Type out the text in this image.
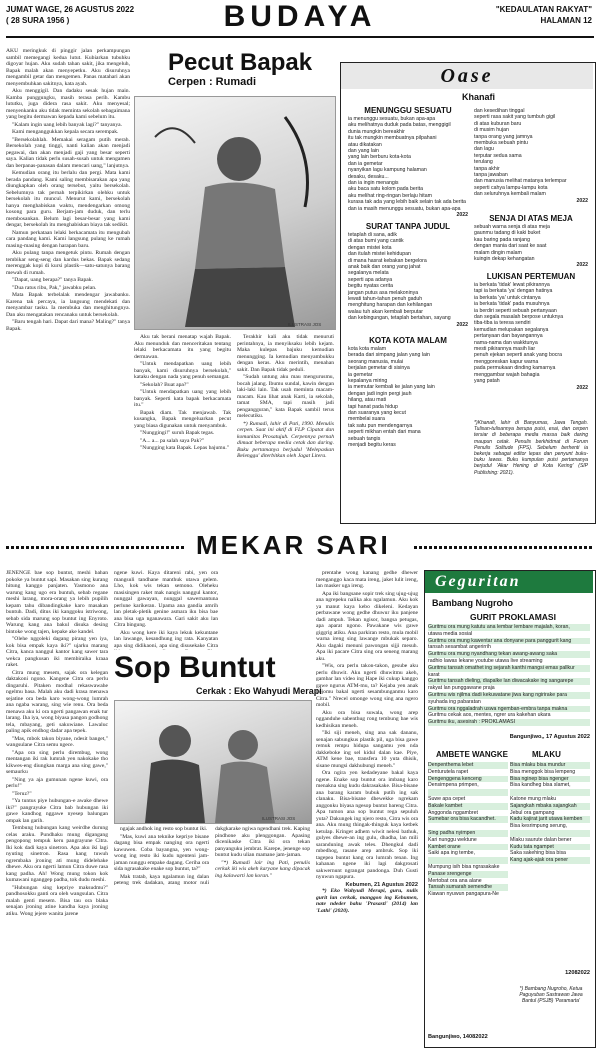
JUMAT WAGE, 26 AGUSTUS 2022
( 28 SURA 1956 )	BUDAYA	"KEDAULATAN RAKYAT"
HALAMAN 12
Pecut Bapak
Cerpen : Rumadi
ILUSTRASI JOS

AKU meringkuk di pinggir jalan perkampungan sambil memegangi kedua lutut. Kubiarkan tubuhku digoyar hujan. Aku sudah tahan sakit, jika mengeluh, Bapak malah akan menyepetku. Aku disuruhnya mengambil getar dan mengemen. Panas matahari akan menyembuhkan sakitnya, kata ayah.

Aku menggigil. Dan dadaku sesak hujan main. Kamba punggungku, masih terasa perih. Kambu lututku, juga didera rasa sakit. Aku menyesal; menyenkanku aku tidak meminta sekolah sebagaimana yang begitu dermawan kepada kami sebelum itu.

"Kalam ingin uang lebih banyak lagi?" tanyanya.

Kami menganggukkan kepala secara serempak.

"Bersekolahlah. Memakai seragam putih merah. Bersekolah yang tinggi, nanti kalian akan menjadi pegawai, dan akan menjadi gaji yang besar seperti saya. Kalian tidak perlu susah-susah untuk mengamen dan berpanas-panasan dalam mencari uang," lanjutnya.

Kemudian orang itu berlalu dan pergi. Mata kami berada pandang. Kami saling membisarakan apa yang diungkapkan oleh orang tersebut, yaitu bersekolah. Sebelumnya tak pernah terpikirkan olehku untuk bersekolah itu muncul. Menurut kami, bersekolah hanya menghabiskan waktu, mendengarkan omong kosong para guru. Berjam-jam duduk, dan terlu membosankan. Belum lagi besar-besar yang kami dengar, bersekolah itu menghabiskan biaya tak sedikit.

Namun perkataan lelaki berkacamata itu mengubah cara pandang kami. Kami langsung pulang ke rumah masing-masing dengan harapan baru.

Aku pulang tanpa mengetuk pintu. Rumah dengan tembikar seng-seng dan kardus bekas. Bapak sedang merenggak kopi di kursi plastik—satu-satunya barang mewah di rumah.

"Dapat, uang berapa?" tanya Bapak.

"Dua ratus ribu, Pak," jawabku pelan.

Mata Bapak terbelalak mendengar jawabanku. Karena tak percaya, ia langsung mendekati dan menyambar tasku. Ia membuka dan menghitungnya. Dan aku mengatakan rencanaku untuk bersekolah.

"Baru tengah hari. Dapat dari mana? Maling?" tanya Bapak.

Aku tak berani menatap wajah Bapak. Aku menunduk dan menceritakan tentang lelaki berkacamata itu yang begitu dermawan.

"Untuk mendapatkan uang lebih banyak, kami disuruhnya bersekolah," kataku dengan nada yang penuh semangat.

"Sekolah? Buat apa?"

"Untuk mendapatkan uang yang lebih banyak. Seperti kata bapak berkacamata itu."

Bapak diam. Tak menjawab. Tak kusangka, Bapak mengeluarkan pecut yang biasa digunakan untuk menyambuk.

"Nunggingi!" suruh Bapak tegas.

"A... a... pa salah saya Pak?"

"Nungging kata Bapak. Lepas bajumu."

Terakhir kali aku tidak menuruti perintahnya, ia menyiksaku lebih kejam. Maka kulepas bajuku kemudian menungging. Ia kemudian menyambukku dengan keras. Aku merintih, menahan sakit. Dan Bapak tidak peduli.

"Sudah untung aku mau mengurusmu, bocah jalang. Ibumu sundal, kawin dengan laki-laki lain. Tak usah meminta macam-macam. Kau lihat anak Karti, ia sekolah, tamat SMA, tapi masih jadi pengangguran," kata Bapak sambil terus melecutiku.

*) Rumadi, lahir di Pati, 1990. Menulis cerpen. Saat ini aktif di FLP Cipatat dan komunitas Prosatujuh. Cerpennya pernah dimuat beberapa media cetak dan daring. Buku pertamanya berjudul 'Melepaskan Belenggu' diterbitkan oleh Jagat Litera.

Oase
Khanafi
MENUNGGU SESUATU
ia menunggu sesuatu, bukan apa-apa
aku melihatnya duduk pada batas, menggigil
dunia mungkin bereakhir
itu tak mungkin membuatnya pilpahani
atau dikatakan
dan yang lain
yang lain berburu kota-kota
dan ia gemetar
nyanyikan lagu kampung halaman
desaku, desaku...
dan ia ingin menangis
aku baca satu kolom pada berita
aku melihat ring-ringan berlaju hitam
kurasa tak ada yang lebih baik selain tak ada berita
dan ia masih menunggu sesuatu, bukan apa-apa
2022
SURAT TANPA JUDUL
tetaplah di sana, adik
di atas bumi yang cantik
dengan mistei kota
dan itulah mistei kehidupan
di mana hasrat kebakan bergelora
anak baik dan orang yang jahat
segalanya melata
seperti apa adanya
begitu nyatas cerita
jangan putus asa melakoninya
lewati tahun-tahun penuh gaduh
menghitung harapan dan kehilangan
walau tuh akan kembali berputar
dan kebingungan, tetaplah bertahan, sayang
2022
KOTA KOTA MALAM
kota kota malam
berada dari simpang jalan yang lain
seorang manusia, mulai
berjalan gemetar di sisinya
ia gemetar
kepalanya miring
ia memutar kembali ke jalan yang lain
dengan jadi ingin pergi jauh
hilang, atau mati
tapi hanat pada hidup
dan suaranya yang kecut
membelai suara
tak satu pun mendengarnya
seperti mikhan entah dari mana
sebuah tangis
menjadi begitu keras
dan kesedihan tinggal
seperti rasa sakit yang tumbuh gigil
di atas kuburan baru
di musim hujan
tanpa orang yang jamnya
membuka sebuah pintu
dan lagu
terputar sedua sama
terulang
tanpa akhir
tanpa jawaban
dan manusia melihat matanya terlempar
seperti cahya lampu-lampu kota
dan seluruhnya kembali malam
2022
SENJA DI ATAS MEJA
sebuah warna senja di atas meja
gaunmu tadang di kaki buket
kau baring pada ranjang
dengan mania dari saat ke saat
malam dingin malam
kuingin dekap kehangatan
2022
LUKISAN PERTEMUAN
ia berkata 'tidak' lewat pikirannya
tapi ia berkata 'ya' dengan hatinya
ia berkata 'ya' untuk cintanya
ia berkata 'tidak' pada musuhnya
ia berdiri seperti sebuah pertanyaan
dan segala masalah berpose untuknya
tiba-tiba ia teresa sendiri
kemudian melupakan segalanya
pertanyaan dan bayangannya
nama-nama dan wakktunya
mesti pikirannya masih liar
penuh ejekan seperti anak yang bocra
menggoreskan kapur warna
pada permukaan dinding kamarnya
menggambar wajah bahagia
yang patah
2022
*)Khanafi, lahir di Banyumas, Jawa Tengah. Tulisan-tulisannya berupa puisi, esai, dan cerpen tersiar di beberapa media massa baik daring maupun cetak. Penulis berkhidmat di Forum Penulis Solitude (FPS). Sebelum berhenti ia bekerja sebagai editor lepas dan penyunt buku-buku lawas. Buku kumpulan puisi pertamanya berjudul 'Akar Hening di Kota Kering' (SIP Publishing: 2021).
MEKAR SARI

JENENGE bae sop buntut, meshi bahan pokoke ya buntut sapi. Masakan sing kurang hitung kanggo panjaten. Yasmono ana warung kang ugo era buntuh, sebab regane meshi larang, mora-orang ya lebih pupilih kepam tahu dibandingkake karo masakan buntuh. Dadi, ditus iki kanggoku istriwong, sebab sida marung sop buntut ing Enyroto. Warung kang ana bakul disuka desing bintoke wong tajen, kepake ake kandel.

"Olehe nggoleki dagang pirang yen iya, kok bisa empak kaya iki?" ujarku marang Citra, kanca nanggul kantor kang sawer tara wekca pangkusan iki membiraika kraaa raket.

Citra mung mesem, sajak ora kelegan daktakoni ngono. Kangene Citra ora perlu dingaruhi. Pitaken modhal rekaswawahe ngelmu basa. Malah aku dadi krasa menawa sejatine ora beda karo wong-wong lumrah ana ngaba warang, sing wie renu. Ora beda menawa aku ki ora ngerti pangawan enak tur larang. Iha iya, wong biyasa pangon godhong tela, mbayang, geti sakuwiane. Lawaluc paling apik endhog dadar apa tepek.

"Mas, mbok takon biyane, ndesit banget," wangsulane Citra semu ngece.

"Apa ora sing perlu dirembug, wong mentangan iki rak lumrah yen nakokake tho kikwes-eng diungkan marga ana sing gawe," semaurku

"Ning ya aja gumunan ngene kuwi, ora perlu!"

"Teruz?"

"Ya tuntus piye hubungan-e awake dhewe iki?" pangrayuke Citra bab hubungan iki gawe kandhog nggawe nyesep balungan ompak lan garih.

Tembung hubungan kang weirdhe durung celas araku. Pundhaku mung digangang pengopong tempuk keru pangrayune Citra. Iki kok dadi kaya sinetron. Apa aku iki lagi nyuting sinetron. Rasa kang tuwuh ngrembaka jroning ati mung didelehake dhewe. Aku ora ngerti lamun Citra duwe rasa kang padha. Ah! Wong mung tokon kok kumawani nganggep padha, tok dudu meshi.

"Hubungan sing kepriye maksudmu?" pandhosokku ganti ora oleh wangsulan. Citra malah genti mesem. Bisa tau ora blaka senajan jroning atine kandha kaya jroning atiku. Wong jejere wanita jarene

ngene kuwi. Kaya ditareni rabi, yen ora mangsuli tandhane manthuk utawa gelem. Lho, kok wis tekan semono. Oleheku masisingen raket mak nangis nanggul kantor, nunggal gawayan, nunggal sawernantuna perlune karikeran. Upama ana gandia amrih lan pletak-pletik genine asmara iku bisa bae ana bisa uga nganawara. Gari sakit aku lan Citra bingung.

Aku wong kere iki kaya lekuk kekuntane lan lawange, kesandhung ing rata. Kanyatan apa sing didikaoni, apa sing disusekake Citra

Sop Buntut
Cerkak : Eko Wahyudi Merapi
ILUSTRASI JOS

ngajak andhok ing resto sop buntut iki.

"Mas, kuwi ana teknike kepriye bisane dagang bisa empak nanging ora ngerti kawuwen. Coba bayangna, yen wong-wong ing resto iki kudu ngenteni jam-jaman nunggu empake dagang. Ceriha ora sida ngrasakake enake sop buntut, ta?"

Mak tratab, kaya ngalamun ing dalan peteng trek dadakan, atang motor nuli dakgkarake ngiwa ngendhani trek. Kaping pindhone aku plenggongan. Apasing dicenikaske Citra iki ora tekan panyanguku jembrat. Karepe, jenenge sop buntut kudu ulian mamane jam-jaman.

"*) Rumadi lair ing Pati, penulis cerkak iki wis akeh karyane kang dipacak ing kalawarti lan koran."

prentahe wong kanang gedhe dhewer menganggo kaca mata ireng, jaket lulit ireng, lan masker uga ireng.

Apa iki bangsane sopir trek sing ujug-ujug ana ngrepeku nalika aku ngalamun. Aku kok ya manut kaya kebo dikeleni. Kedayan perbawane wong gedhe dhuwur iku panjene dadi ampuh. Tekan ngisor, bangsa petugas, apa aparat ngono. Pawakane wis gawe giggrig atiku. Ana parkiran resto, mula mobil warna ireng sing lawange mbukak separo. Aku dagaki menuni pawongan sijji mesuh. Apa iki pacare Citra sing ora seneng marang aku.

"Wis, ora perlu takon-takon, gesube aku perlu dhuwit. Aku ngerti dhuwitmu akeh, gambar lan video ing Hape iki cukup kanggo gawe ngurus ATM-mu, ta? Kejaba yen anak bojomu bakal ngerti sesambunganmu karo Citra." Nrecel omonge wong sing ana ngero mobil.

Aku ora bisa suwala, wong arep ngganduhe sabenthug rong tembung bae wis kedhisikan meneh.

"Iki siji meneh, sing ana sak dananu, senajan sabungkus plastik pil, uga bisa gawe remuk rempu hidupa sangamu yen nda dakkeboke ing sel kidul dalan kae. Piye, ATM kene bae, transfera 10 yuta dhisik, sisane mungsi dakhubungi meneh."

Ora ngira yen kedadeyane bakal kaya ngene. Enake sop buntut ora imbang karo menakna sing kudu dakrasakake. Bisa-bisane ana barang karam bubuk putih ing sak clanaku. Bisa-bisane dhewekke ngrekam anggonku biyasa ngesop buntut bareng Citra. Apa tumon ana sop buntut rega sepuluh yuta? Dakungek ing njero resto, Citra wis ora ana. Aku mung thingak-thinguk kaya ketbek ketulap. Kringet adhem wiwit nelesi bathuk, gulyes dhewe-an ing gulu, dhadha, lan mili saranduning awak teles. Dhengkul dadi mbedhog, rasane arep ambruk. Sop iki tagepea buntut kang ora lumrah tenan. Ing kahanan ngene iki lagi dakgrosati sakwernunt ngrangat pandonga. Duh Gusti nyuwun ngapura.

Kebumen, 21 Agustus 2022

*) Eko Wahyudi Merapi, guru, nulis gurit lan cerkak, manggon ing Kebumen, nate ndeder bahu 'Prasasti' (2014) lan 'Lathi' (2020).

Geguritan
Bambang Nugroho
GURIT PROKLAMASI
Guritmu ora mung katutu ana lembar lembare majalah, koran,
utawa media sosial
Guritmu ora mung kawentar ana donyane para panggurit kang
tansah sesambat angerirrih
Guritmu ora mung nyandhang tekan awang-awang saka
radhio lawas lekane youtube utawa live streaming
Guritmu tansah omathet ing sejarah kanthi mangsi emas pallkur
karat
Guritmu tansah dieling, diapalke lan diwacakake ing sangarepe
rakyat lan punggawane praja
Guritmu wis njilma dadi kekuwatane jiwa kang ngirirake para
syuhada ing pabaratan
Guritmu ora nggaladrah uswa ngemban-embra tanpa makna
Guritmu cekak aos, mentes, ngrer ura kakehan ukara
Guritmu iku, asesirah : PROKLAMASI
Bangunjiwo,, 17 Agustus 2022
AMBETE WANGKE	MLAKU
Denpenthema lebet
Denturutela rapet
Dengenggena kenceng
Densimpena primpen,
Suwe apa cepet
Bakale kambet
Anggonda nggambret
Sumebar ora bisa kacandhet.
Sing padha nyimpen
Kari nunggu wektune
Kambet orane
Saiki apa ing tembe,
Mumpung isih bisa ngrasakake
Panase srengenge
Mertobat ora ana alane
Tansah sumarah semendhe
Kiawan nyuwun pangapura-Ne
Bangunjiwo, 14082022
Bisa mlaku bisa mundur
Bisa menggok bisa lempeng
Bisa nginep bisa ngenger
Bisa kandheg bisa slamet,
Katone mung mlaku
Sajangkah mbaka sajangkah
Jebul ora gampang
Kadu kajirat jarit utawa kemben
Bisa kesrimpung serung,
Mlaku saurute dalan bener
Kudu tata ngampet
Saka sakehing bisa bisa
Kang ajak-ajak ora pener
12082022
*) Bambang Nugroho, Ketua Paguyuban Sastrawan Jawa Bantul (PSJB) 'Paramarta'
